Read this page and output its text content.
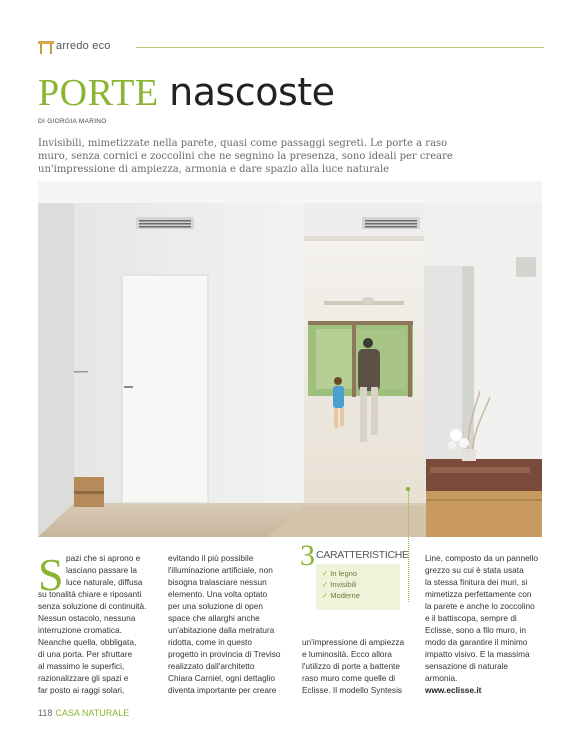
arredo eco
PORTE nascoste
DI GIORGIA MARINO
Invisibili, mimetizzate nella parete, quasi come passaggi segreti. Le porte a raso
muro, senza cornici e zoccolini che ne segnino la presenza, sono ideali per creare
un'impressione di ampiezza, armonia e dare spazio alla luce naturale
S pazi che si aprono e
lasciano passare la
luce naturale, diffusa
su tonalità chiare e riposanti
senza soluzione di continuità.
Nessun ostacolo, nessuna
interruzione cromatica.
Neanche quella, obbligata,
di una porta. Per sfruttare
al massimo le superfici,
razionalizzare gli spazi e
far posto ai raggi solari,
evitando il più possibile
l'illuminazione artificiale, non
bisogna tralasciare nessun
elemento. Una volta optato
per una soluzione di open
space che allarghi anche
un'abitazione dalla metratura
ridotta, come in questo
progetto in provincia di Treviso
realizzato dall'architetto
Chiara Carniel, ogni dettaglio
diventa importante per creare
3 CARATTERISTICHE
✓ In legno
✓ Invisibili
✓ Moderne
un'impressione di ampiezza
e luminosità. Ecco allora
l'utilizzo di porte a battente
raso muro come quelle di
Eclisse. Il modello Syntesis
Line, composto da un pannello
grezzo su cui è stata usata
la stessa finitura dei muri, si
mimetizza perfettamente con
la parete e anche lo zoccolino
e il battiscopa, sempre di
Eclisse, sono a filo muro, in
modo da garantire il minimo
impatto visivo. E la massima
sensazione di naturale
armonia.
www.eclisse.it
118 CASA NATURALE
